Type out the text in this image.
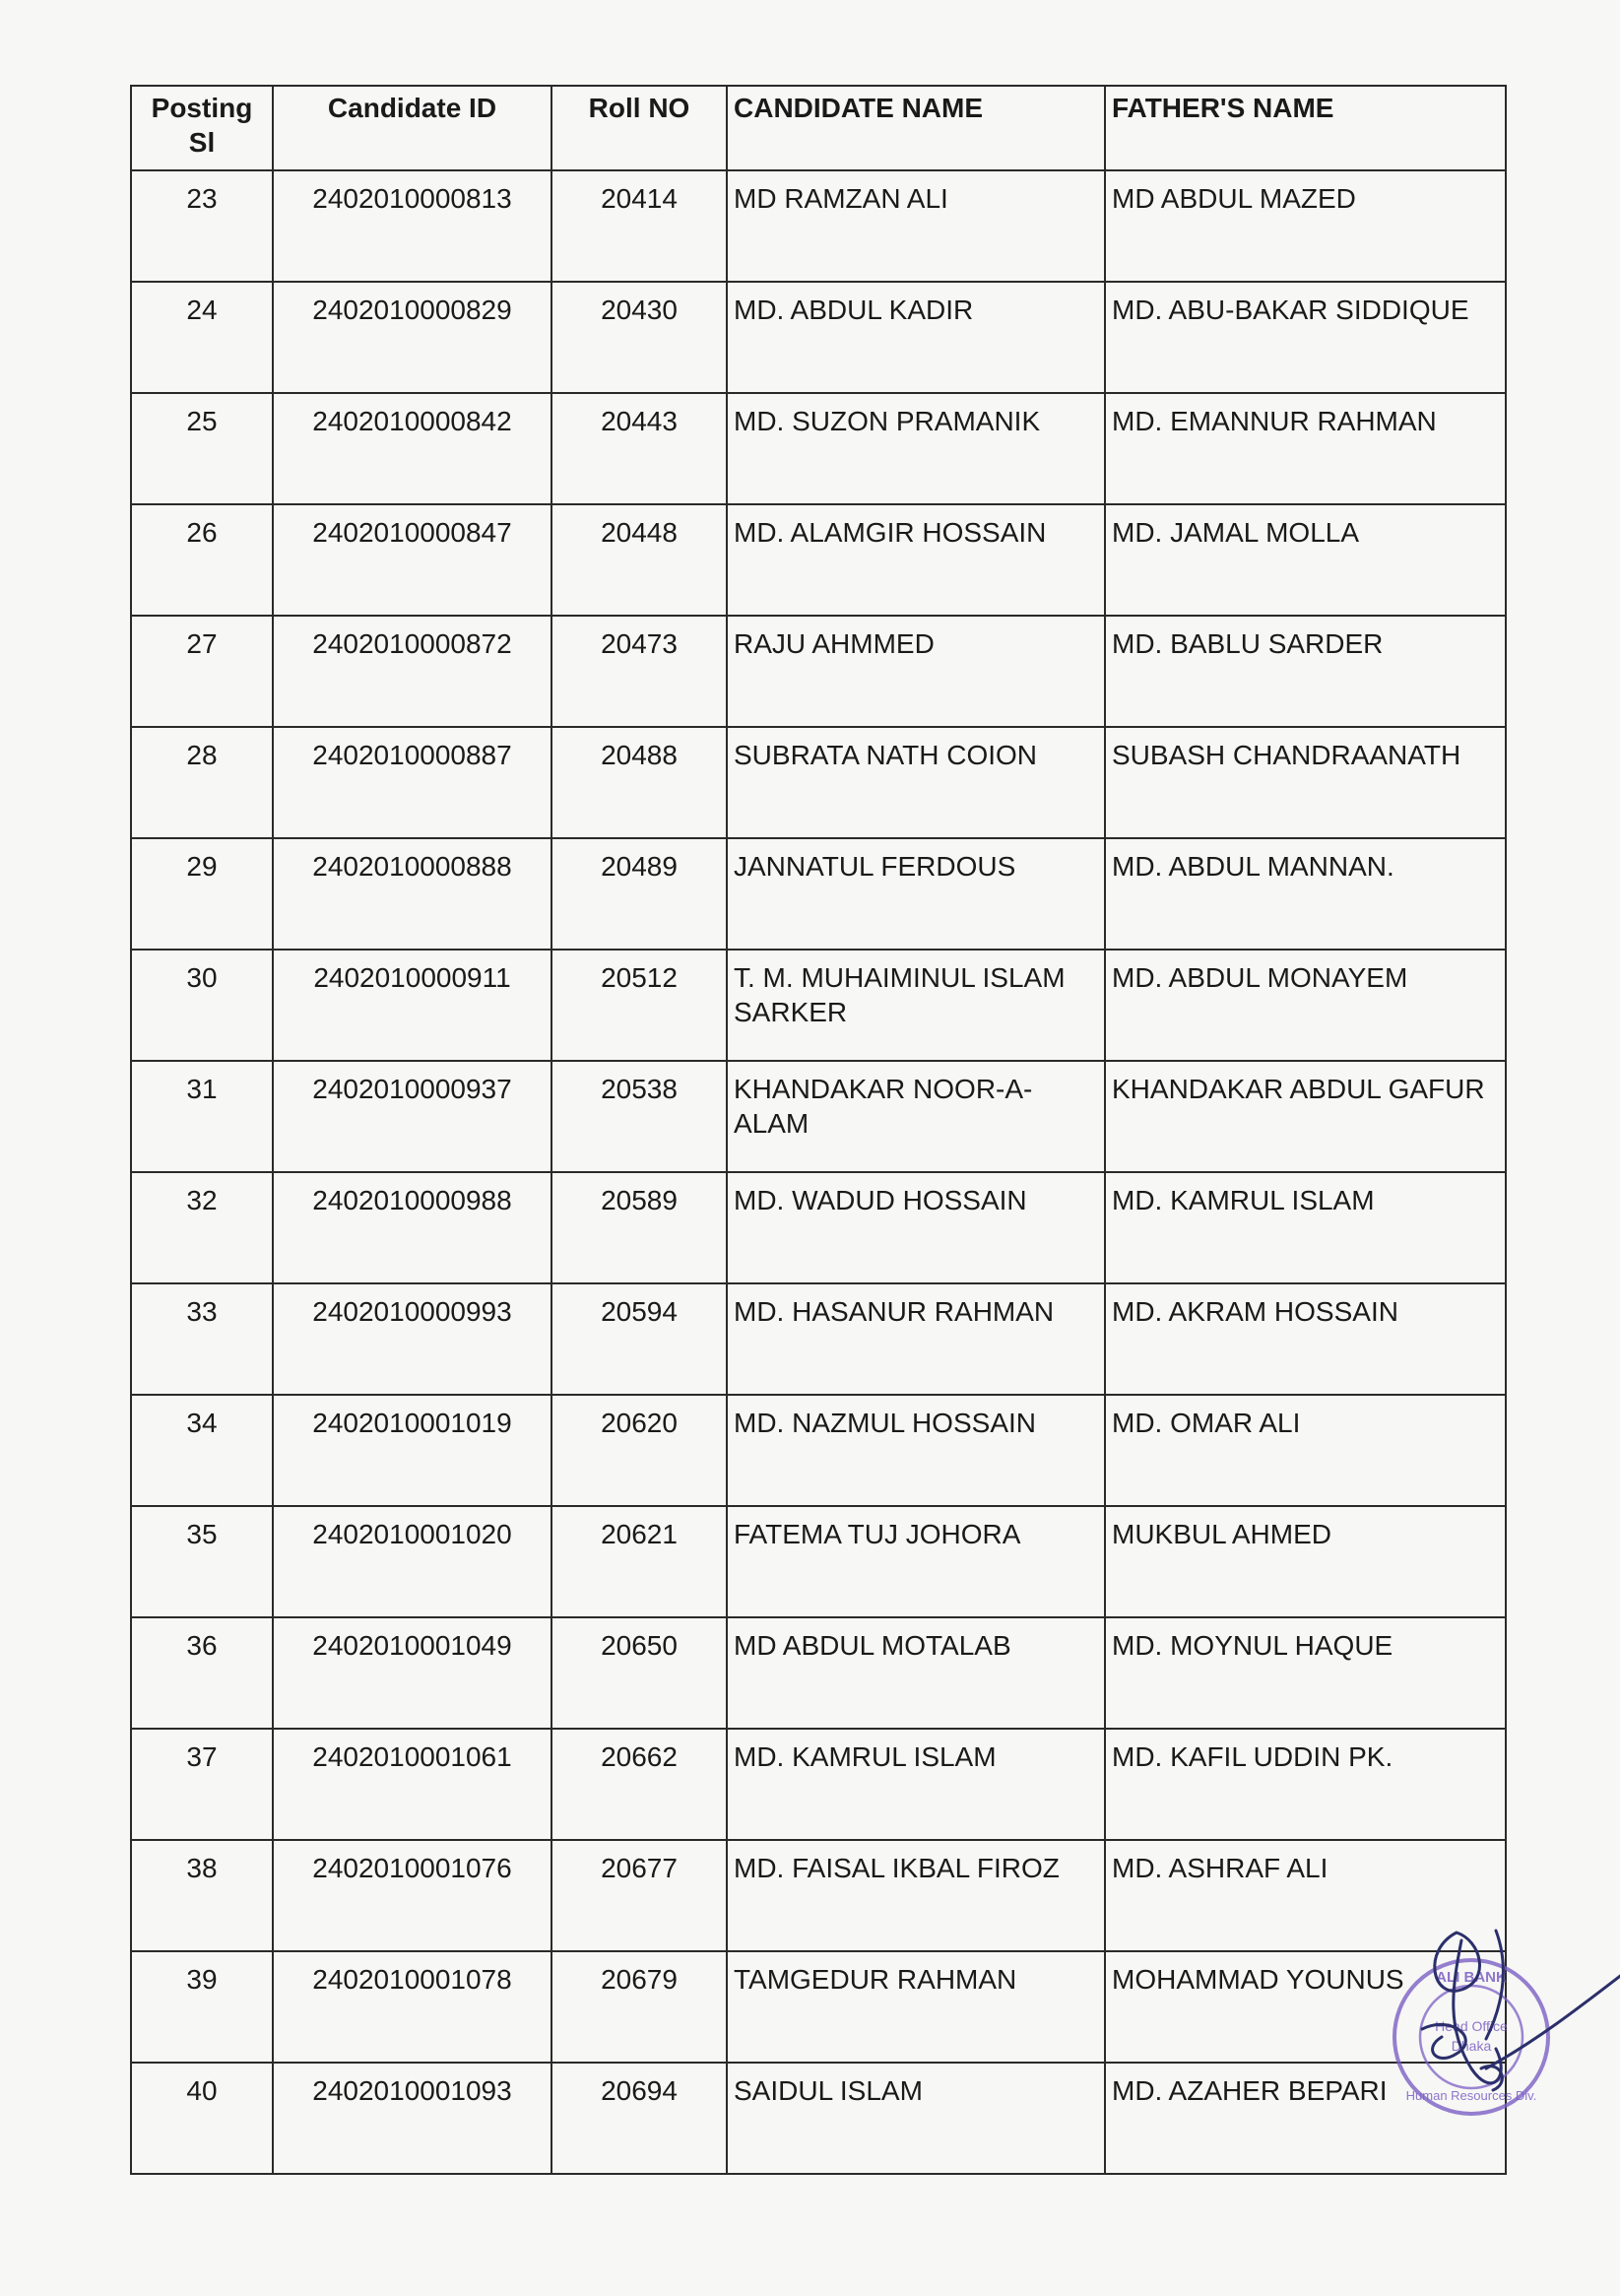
Posting Sl	Candidate ID	Roll NO	CANDIDATE NAME	FATHER'S NAME
23	2402010000813	20414	MD RAMZAN ALI	MD ABDUL MAZED
24	2402010000829	20430	MD. ABDUL KADIR	MD. ABU-BAKAR SIDDIQUE
25	2402010000842	20443	MD. SUZON PRAMANIK	MD. EMANNUR RAHMAN
26	2402010000847	20448	MD. ALAMGIR HOSSAIN	MD. JAMAL MOLLA
27	2402010000872	20473	RAJU AHMMED	MD. BABLU SARDER
28	2402010000887	20488	SUBRATA NATH COION	SUBASH CHANDRAANATH
29	2402010000888	20489	JANNATUL FERDOUS	MD. ABDUL MANNAN.
30	2402010000911	20512	T. M. MUHAIMINUL ISLAM SARKER	MD. ABDUL MONAYEM
31	2402010000937	20538	KHANDAKAR NOOR-A-ALAM	KHANDAKAR ABDUL GAFUR
32	2402010000988	20589	MD. WADUD HOSSAIN	MD. KAMRUL ISLAM
33	2402010000993	20594	MD. HASANUR RAHMAN	MD. AKRAM HOSSAIN
34	2402010001019	20620	MD. NAZMUL HOSSAIN	MD. OMAR ALI
35	2402010001020	20621	FATEMA TUJ JOHORA	MUKBUL AHMED
36	2402010001049	20650	MD ABDUL MOTALAB	MD. MOYNUL HAQUE
37	2402010001061	20662	MD. KAMRUL ISLAM	MD. KAFIL UDDIN PK.
38	2402010001076	20677	MD. FAISAL IKBAL FIROZ	MD. ASHRAF ALI
39	2402010001078	20679	TAMGEDUR RAHMAN	MOHAMMAD YOUNUS
40	2402010001093	20694	SAIDUL ISLAM	MD. AZAHER BEPARI
ALI BANK
Head Office
Dhaka
Human Resources Div.
